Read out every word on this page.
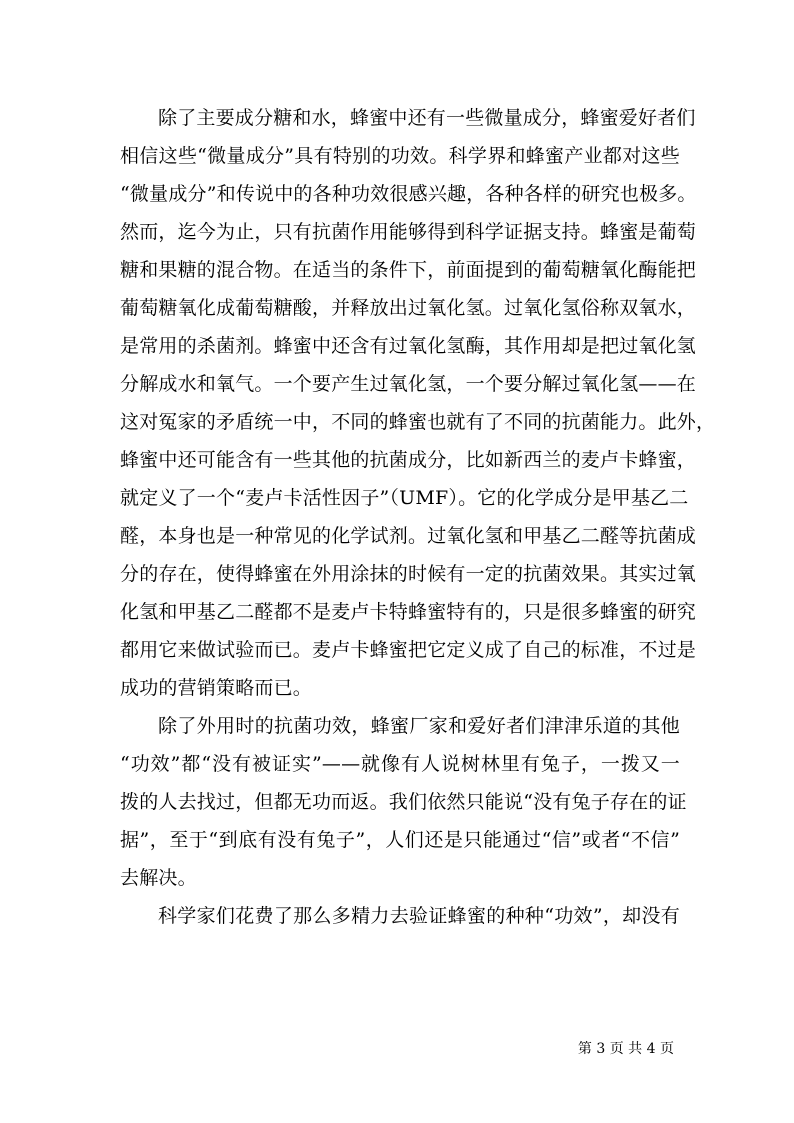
除了主要成分糖和水，蜂蜜中还有一些微量成分，蜂蜜爱好者们
相信这些“微量成分”具有特别的功效。科学界和蜂蜜产业都对这些
“微量成分”和传说中的各种功效很感兴趣，各种各样的研究也极多。
然而，迄今为止，只有抗菌作用能够得到科学证据支持。蜂蜜是葡萄
糖和果糖的混合物。在适当的条件下，前面提到的葡萄糖氧化酶能把
葡萄糖氧化成葡萄糖酸，并释放出过氧化氢。过氧化氢俗称双氧水，
是常用的杀菌剂。蜂蜜中还含有过氧化氢酶，其作用却是把过氧化氢
分解成水和氧气。一个要产生过氧化氢，一个要分解过氧化氢——在
这对冤家的矛盾统一中，不同的蜂蜜也就有了不同的抗菌能力。此外，
蜂蜜中还可能含有一些其他的抗菌成分，比如新西兰的麦卢卡蜂蜜，
就定义了一个“麦卢卡活性因子”（UMF）。它的化学成分是甲基乙二
醛，本身也是一种常见的化学试剂。过氧化氢和甲基乙二醛等抗菌成
分的存在，使得蜂蜜在外用涂抹的时候有一定的抗菌效果。其实过氧
化氢和甲基乙二醛都不是麦卢卡特蜂蜜特有的，只是很多蜂蜜的研究
都用它来做试验而已。麦卢卡蜂蜜把它定义成了自己的标准，不过是
成功的营销策略而已。
除了外用时的抗菌功效，蜂蜜厂家和爱好者们津津乐道的其他
“功效”都“没有被证实”——就像有人说树林里有兔子，一拨又一
拨的人去找过，但都无功而返。我们依然只能说“没有兔子存在的证
据”，至于“到底有没有兔子”，人们还是只能通过“信”或者“不信”
去解决。
科学家们花费了那么多精力去验证蜂蜜的种种“功效”，却没有
第 3 页 共 4 页
